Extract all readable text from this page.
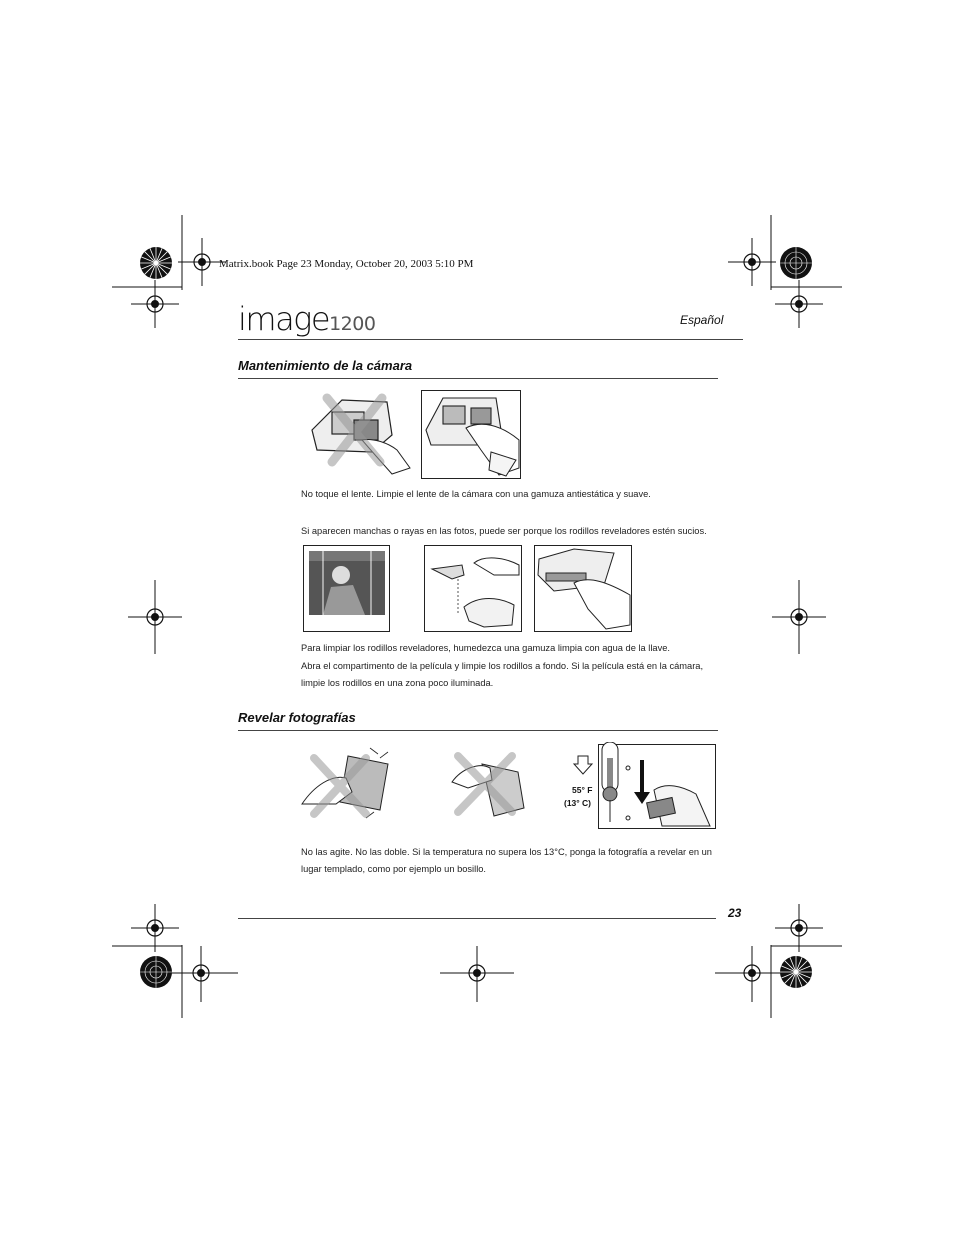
Matrix.book Page 23 Monday, October 20, 2003 5:10 PM
image1200	Español
Mantenimiento de la cámara
No toque el lente. Limpie el lente de la cámara con una gamuza antiestática y suave.
Si aparecen manchas o rayas en las fotos, puede ser porque los rodillos reveladores estén sucios.
Para limpiar los rodillos reveladores, humedezca una gamuza limpia con agua de la llave.
Abra el compartimento de la película y limpie los rodillos a fondo. Si la película está en la cámara, limpie los rodillos en una zona poco iluminada.
Revelar fotografías
55° F
(13° C)
No las agite. No las doble. Si la temperatura no supera los 13°C, ponga la fotografía a revelar en un lugar templado, como por ejemplo un bosillo.
23
